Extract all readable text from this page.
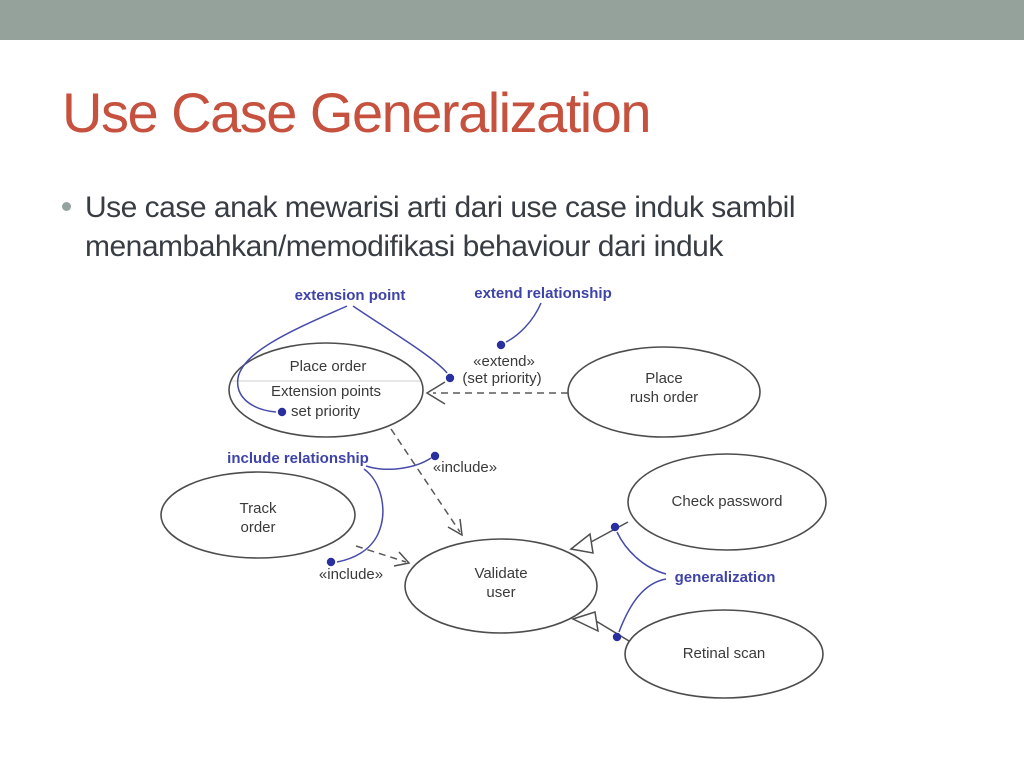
Use Case Generalization

Use case anak mewarisi arti dari use case induk sambil
menambahkan/memodifikasi behaviour dari induk

extension point	extend relationship
include relationship
generalization
«extend»
(set priority)
«include»
«include»
Place order
Extension points
set priority
Place
rush order
Track
order
Validate
user
Check password
Retinal scan
